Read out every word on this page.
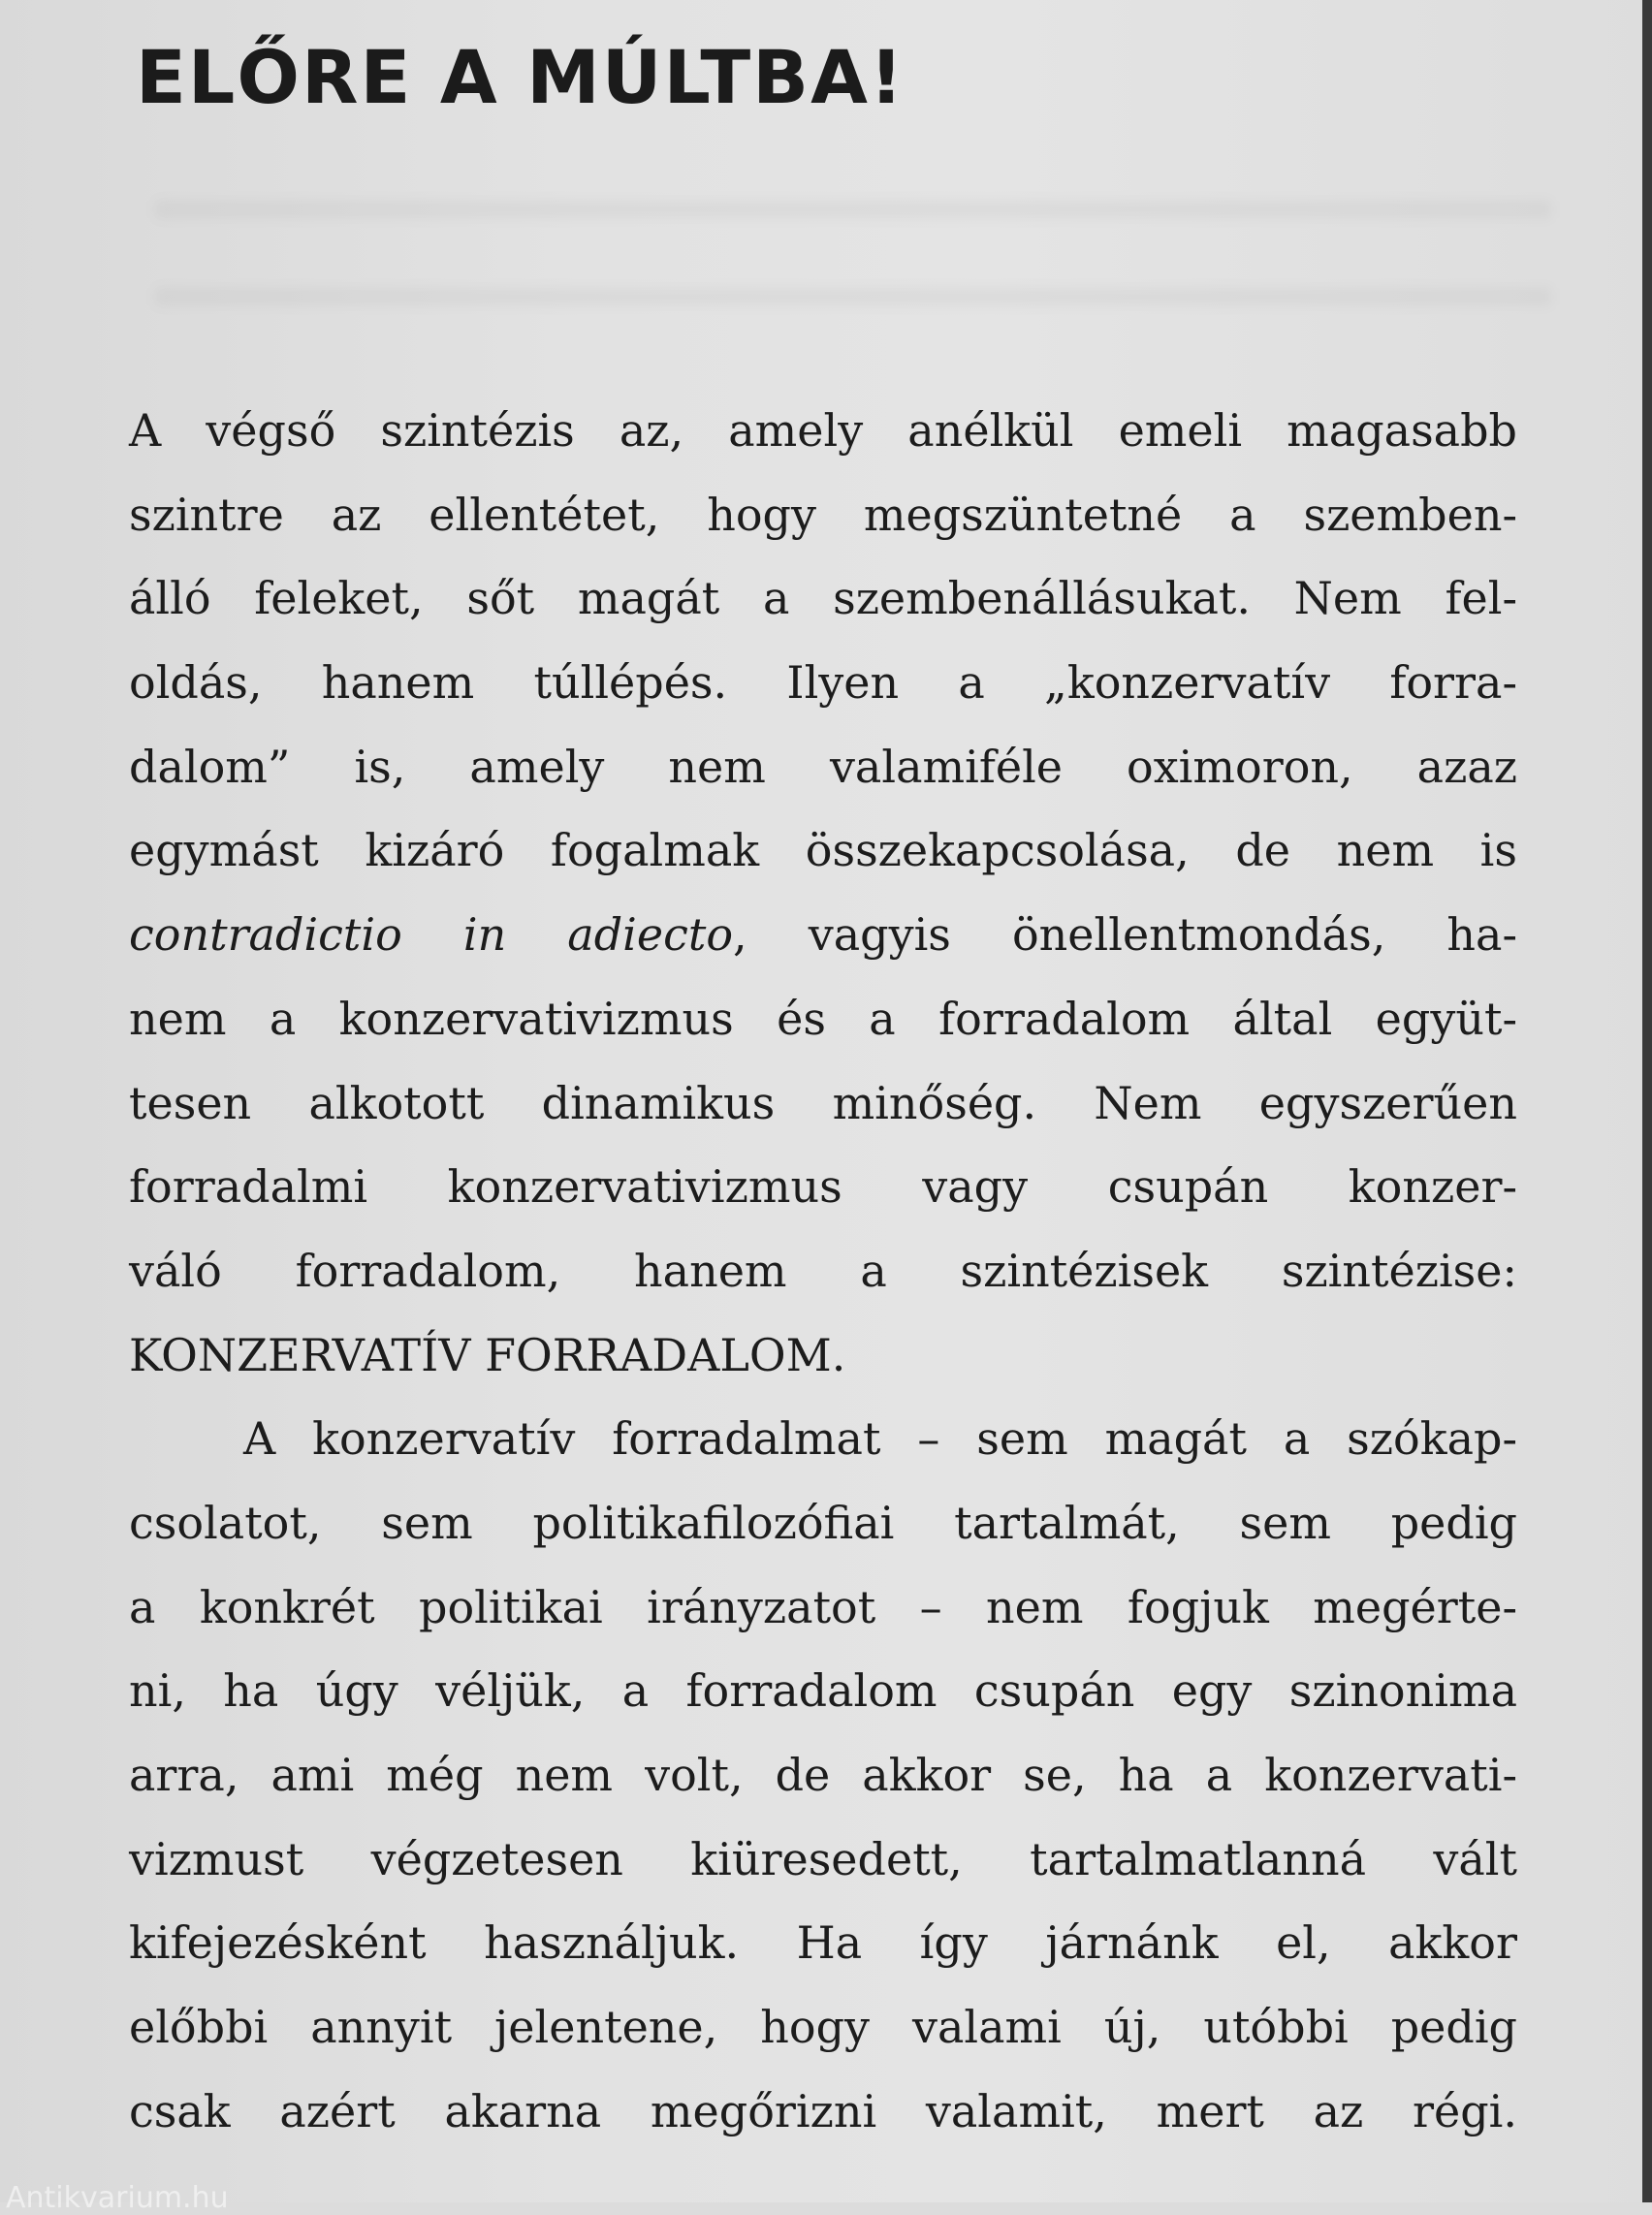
ELŐRE A MÚLTBA!
A végső szintézis az, amely anélkül emeli magasabb
szintre az ellentétet, hogy megszüntetné a szemben-
álló feleket, sőt magát a szembenállásukat. Nem fel-
oldás, hanem túllépés. Ilyen a „konzervatív forra-
dalom” is, amely nem valamiféle oximoron, azaz
egymást kizáró fogalmak összekapcsolása, de nem is
contradictio in adiecto, vagyis önellentmondás, ha-
nem a konzervativizmus és a forradalom által együt-
tesen alkotott dinamikus minőség. Nem egyszerűen
forradalmi konzervativizmus vagy csupán konzer-
váló forradalom, hanem a szintézisek szintézise:
KONZERVATÍV FORRADALOM.
A konzervatív forradalmat – sem magát a szókap-
csolatot, sem politikafilozófiai tartalmát, sem pedig
a konkrét politikai irányzatot – nem fogjuk megérte-
ni, ha úgy véljük, a forradalom csupán egy szinonima
arra, ami még nem volt, de akkor se, ha a konzervati-
vizmust végzetesen kiüresedett, tartalmatlanná vált
kifejezésként használjuk. Ha így járnánk el, akkor
előbbi annyit jelentene, hogy valami új, utóbbi pedig
csak azért akarna megőrizni valamit, mert az régi.
Antikvarium.hu
